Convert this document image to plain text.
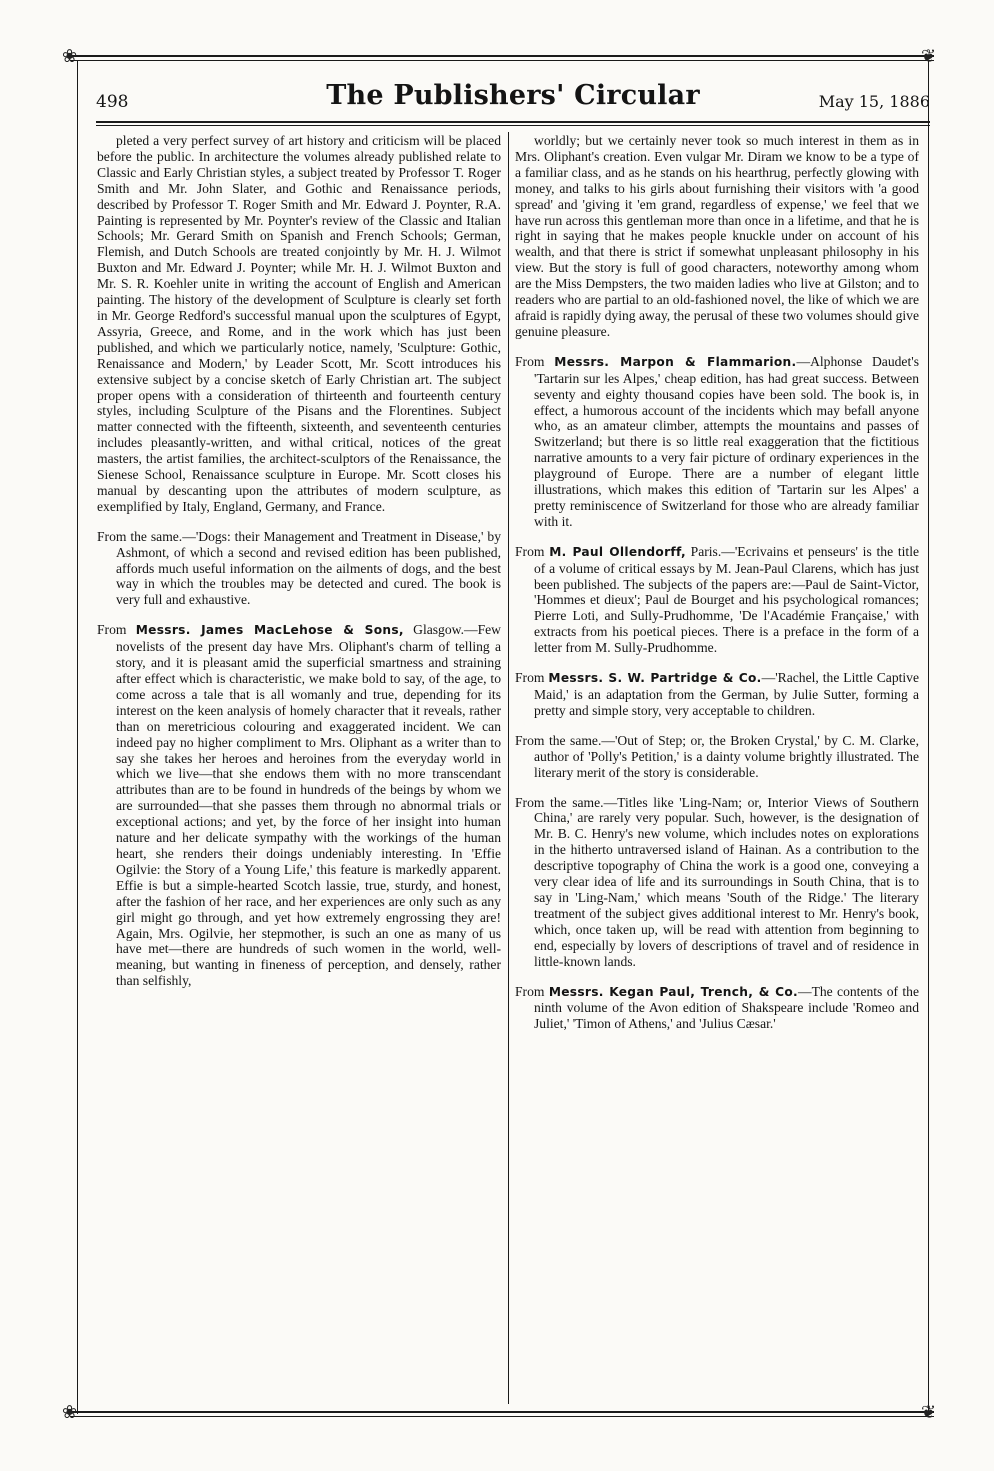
❀	❦
❀	❦
498	The Publishers' Circular	May 15, 1886

pleted a very perfect survey of art history and criticism will be placed before the public. In architecture the volumes already published relate to Classic and Early Christian styles, a subject treated by Professor T. Roger Smith and Mr. John Slater, and Gothic and Renaissance periods, described by Professor T. Roger Smith and Mr. Edward J. Poynter, R.A. Painting is represented by Mr. Poynter's review of the Classic and Italian Schools; Mr. Gerard Smith on Spanish and French Schools; German, Flemish, and Dutch Schools are treated conjointly by Mr. H. J. Wilmot Buxton and Mr. Edward J. Poynter; while Mr. H. J. Wilmot Buxton and Mr. S. R. Koehler unite in writing the account of English and American painting. The history of the development of Sculpture is clearly set forth in Mr. George Redford's successful manual upon the sculptures of Egypt, Assyria, Greece, and Rome, and in the work which has just been published, and which we particularly notice, namely, 'Sculpture: Gothic, Renaissance and Modern,' by Leader Scott, Mr. Scott introduces his extensive subject by a concise sketch of Early Christian art. The subject proper opens with a consideration of thirteenth and fourteenth century styles, including Sculpture of the Pisans and the Florentines. Subject matter connected with the fifteenth, sixteenth, and seventeenth centuries includes pleasantly-written, and withal critical, notices of the great masters, the artist families, the architect-sculptors of the Renaissance, the Sienese School, Renaissance sculpture in Europe. Mr. Scott closes his manual by descanting upon the attributes of modern sculpture, as exemplified by Italy, England, Germany, and France.

From the same.—'Dogs: their Management and Treatment in Disease,' by Ashmont, of which a second and revised edition has been published, affords much useful information on the ailments of dogs, and the best way in which the troubles may be detected and cured. The book is very full and exhaustive.

From Messrs. James MacLehose & Sons, Glasgow.—Few novelists of the present day have Mrs. Oliphant's charm of telling a story, and it is pleasant amid the superficial smartness and straining after effect which is characteristic, we make bold to say, of the age, to come across a tale that is all womanly and true, depending for its interest on the keen analysis of homely character that it reveals, rather than on meretricious colouring and exaggerated incident. We can indeed pay no higher compliment to Mrs. Oliphant as a writer than to say she takes her heroes and heroines from the everyday world in which we live—that she endows them with no more transcendant attributes than are to be found in hundreds of the beings by whom we are surrounded—that she passes them through no abnormal trials or exceptional actions; and yet, by the force of her insight into human nature and her delicate sympathy with the workings of the human heart, she renders their doings undeniably interesting. In 'Effie Ogilvie: the Story of a Young Life,' this feature is markedly apparent. Effie is but a simple-hearted Scotch lassie, true, sturdy, and honest, after the fashion of her race, and her experiences are only such as any girl might go through, and yet how extremely engrossing they are! Again, Mrs. Ogilvie, her stepmother, is such an one as many of us have met—there are hundreds of such women in the world, well-meaning, but wanting in fineness of perception, and densely, rather than selfishly,

worldly; but we certainly never took so much interest in them as in Mrs. Oliphant's creation. Even vulgar Mr. Diram we know to be a type of a familiar class, and as he stands on his hearthrug, perfectly glowing with money, and talks to his girls about furnishing their visitors with 'a good spread' and 'giving it 'em grand, regardless of expense,' we feel that we have run across this gentleman more than once in a lifetime, and that he is right in saying that he makes people knuckle under on account of his wealth, and that there is strict if somewhat unpleasant philosophy in his view. But the story is full of good characters, noteworthy among whom are the Miss Dempsters, the two maiden ladies who live at Gilston; and to readers who are partial to an old-fashioned novel, the like of which we are afraid is rapidly dying away, the perusal of these two volumes should give genuine pleasure.

From Messrs. Marpon & Flammarion.—Alphonse Daudet's 'Tartarin sur les Alpes,' cheap edition, has had great success. Between seventy and eighty thousand copies have been sold. The book is, in effect, a humorous account of the incidents which may befall anyone who, as an amateur climber, attempts the mountains and passes of Switzerland; but there is so little real exaggeration that the fictitious narrative amounts to a very fair picture of ordinary experiences in the playground of Europe. There are a number of elegant little illustrations, which makes this edition of 'Tartarin sur les Alpes' a pretty reminiscence of Switzerland for those who are already familiar with it.

From M. Paul Ollendorff, Paris.—'Ecrivains et penseurs' is the title of a volume of critical essays by M. Jean-Paul Clarens, which has just been published. The subjects of the papers are:—Paul de Saint-Victor, 'Hommes et dieux'; Paul de Bourget and his psychological romances; Pierre Loti, and Sully-Prudhomme, 'De l'Académie Française,' with extracts from his poetical pieces. There is a preface in the form of a letter from M. Sully-Prudhomme.

From Messrs. S. W. Partridge & Co.—'Rachel, the Little Captive Maid,' is an adaptation from the German, by Julie Sutter, forming a pretty and simple story, very acceptable to children.

From the same.—'Out of Step; or, the Broken Crystal,' by C. M. Clarke, author of 'Polly's Petition,' is a dainty volume brightly illustrated. The literary merit of the story is considerable.

From the same.—Titles like 'Ling-Nam; or, Interior Views of Southern China,' are rarely very popular. Such, however, is the designation of Mr. B. C. Henry's new volume, which includes notes on explorations in the hitherto untraversed island of Hainan. As a contribution to the descriptive topography of China the work is a good one, conveying a very clear idea of life and its surroundings in South China, that is to say in 'Ling-Nam,' which means 'South of the Ridge.' The literary treatment of the subject gives additional interest to Mr. Henry's book, which, once taken up, will be read with attention from beginning to end, especially by lovers of descriptions of travel and of residence in little-known lands.

From Messrs. Kegan Paul, Trench, & Co.—The contents of the ninth volume of the Avon edition of Shakspeare include 'Romeo and Juliet,' 'Timon of Athens,' and 'Julius Cæsar.'
